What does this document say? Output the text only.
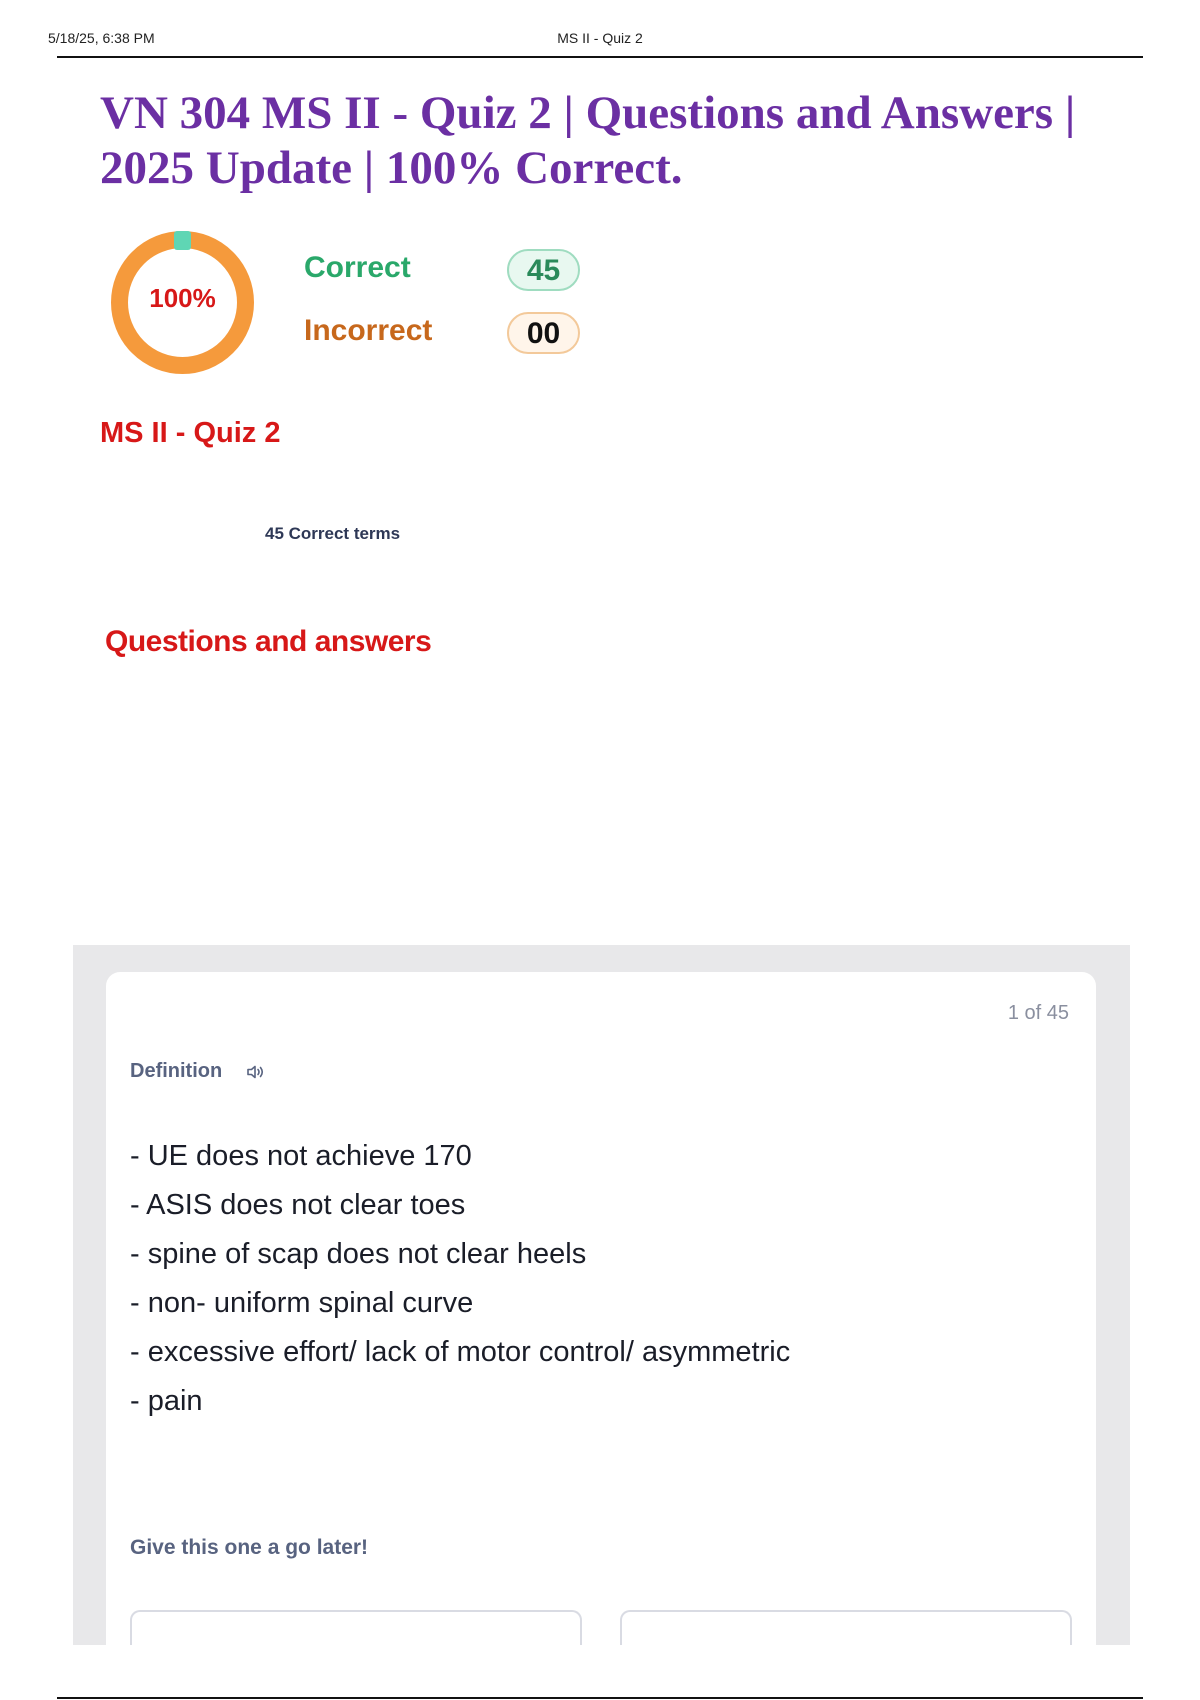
5/18/25, 6:38 PM	MS II - Quiz 2
VN 304 MS II - Quiz 2 | Questions and Answers | 2025 Update | 100% Correct.
100%
Correct	45
Incorrect	00
MS II - Quiz 2
45 Correct terms
Questions and answers
1 of 45
Definition
- UE does not achieve 170
- ASIS does not clear toes
- spine of scap does not clear heels
- non- uniform spinal curve
- excessive effort/ lack of motor control/ asymmetric
- pain
Give this one a go later!
